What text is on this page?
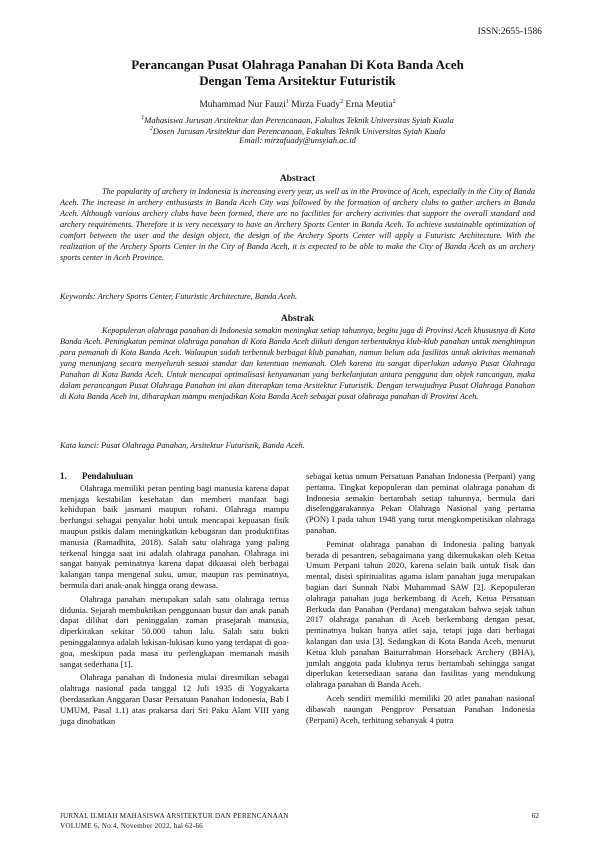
ISSN:2655-1586
Perancangan Pusat Olahraga Panahan Di Kota Banda Aceh
Dengan Tema Arsitektur Futuristik
Muhammad Nur Fauzi$^1$ Mirza Fuady$^2$ Erna Meutia$^2$
$^1$Mahasiswa Jurusan Arsitektur dan Perencanaan, Fakultas Teknik Universitas Syiah Kuala
$^2$Dosen Jurusan Arsitektur dan Perencanaan, Fakultas Teknik Universitas Syiah Kuala
Email: mirzafuady@unsyiah.ac.id
Abstract

The popularity of archery in Indonesia is increasing every year, as well as in the Province of Aceh, especially in the City of Banda Aceh. The increase in archery enthusiasts in Banda Aceh City was followed by the formation of archery clubs to gather archers in Banda Aceh. Although various archery clubs have been formed, there are no facilities for archery activities that support the overall standard and archery requirements. Therefore it is very necessary to have an Archery Sports Center in Banda Aceh. To achieve sustainable optimization of comfort between the user and the design object, the design of the Archery Sports Center will apply a Futuristc Architecture. With the realization of the Archery Sports Center in the City of Banda Aceh, it is expected to be able to make the City of Banda Aceh as an archery sports center in Aceh Province.

Keywords: Archery Sports Center, Futuristic Architecture, Banda Aceh.
Abstrak

Kepopuleran olahraga panahan di Indonesia semakin meningkat setiap tahunnya, begitu juga di Provinsi Aceh khususnya di Kota Banda Aceh. Peningkatan peminat olahraga panahan di Kota Banda Aceh diikuti dengan terbentuknya klub-klub panahan untuk menghimpun para pemanah di Kota Banda Aceh. Walaupun sudah terbentuk berbagai klub panahan, namun belum ada fasilitas untuk aktivitas memanah yang menunjang secara menyeluruh sesuai standar dan ketentuan memanah. Oleh karena itu sangat diperlukan adanya Pusat Olahraga Panahan di Kota Banda Aceh. Untuk mencapai optimalisasi kenyamanan yang berkelanjutan antara pengguna dan objek rancangan, maka dalam perancangan Pusat Olahraga Panahan ini akan diterapkan tema Arsitektur Futuristik. Dengan terwujudnya Pusat Olahraga Panahan di Kota Banda Aceh ini, diharapkan mampu menjadikan Kota Banda Aceh sebagai pusat olahraga panahan di Provinsi Aceh.

Kata kunci: Pusat Olahraga Panahan, Arsitektur Futuristik, Banda Aceh.
1. Pendahuluan

Olahraga memiliki peran penting bagi manusia karena dapat menjaga kestabilan kesehatan dan memberi manfaat bagi kehidupan baik jasmani maupun rohani. Olahraga mampu berfungsi sebagai penyalur hobi untuk mencapai kepuasan fisik maupun psikis dalam meningkatkan kebugaran dan produktifitas manusia (Ramadhita, 2018). Salah satu olahraga yang paling terkenal hingga saat ini adalah olahraga panahan. Olahraga ini sangat banyak peminatnya karena dapat dikuasai oleh berbagai kalangan tanpa mengenal suku, umur, maupun ras peminatnya, bermula dari anak-anak hingga orang dewasa.

Olahraga panahan merupakan salah satu olahraga tertua didunia. Sejarah membuktikan penggunaan busur dan anak panah dapat dilihat dari peninggalan zaman prasejarah manusia, diperkirakan sekitar 50.000 tahun lalu. Salah satu bukti peninggalannya adalah lukisan-lukisan kuno yang terdapat di goa-goa, meskipun pada masa itu perlengkapan memanah masih sangat sederhana [1].

Olahraga panahan di Indonesia mulai diresmikan sebagai olahraga nasional pada tanggal 12 Juli 1935 di Yogyakarta (berdasarkan Anggaran Dasar Persatuan Panahan Indonesia, Bab I UMUM, Pasal 1.1) atas prakarsa dari Sri Paku Alam VIII yang juga dinobatkan

sebagai ketua umum Persatuan Panahan Indonesia (Perpani) yang pertama. Tingkat kepopuleran dan peminat olahraga panahan di Indonesia semakin bertambah setiap tahunnya, bermula dari diselenggarakannya Pekan Olahraga Nasional yang pertama (PON) I pada tahun 1948 yang turut mengkompetisikan olahraga panahan.

Peminat olahraga panahan di Indonesia paling banyak berada di pesantren, sebagaimana yang dikemukakan oleh Ketua Umum Perpani tahun 2020, karena selain baik untuk fisik dan mental, disisi spiritualitas agama islam panahan juga merupakan bagian dari Sunnah Nabi Muhammad SAW [2]. Kepopuleran olahraga panahan juga berkembang di Aceh, Ketua Persatuan Berkuda dan Panahan (Perdana) mengatakan bahwa sejak tahun 2017 olahraga panahan di Aceh berkembang dengan pesat, peminatnya bukan hanya atlet saja, tetapi juga dari berbagai kalangan dan usia [3]. Sedangkan di Kota Banda Aceh, menurut Ketua klub panahan Baiturrahman Horseback Archery (BHA), jumlah anggota pada klubnya terus bertambah sehingga sangat diperlukan ketersediaan sarana dan fasilitas yang mendukung olahraga panahan di Banda Aceh.

Aceh sendiri memiliki memiliki 20 atlet panahan nasional dibawah naungan Pengprov Persatuan Panahan Indonesia (Perpani) Aceh, terhitung sebanyak 4 putra

JURNAL ILMIAH MAHASISWA ARSITEKTUR DAN PERENCANAAN
VOLUME 6, No.4, November 2022, hal 62-66
62
